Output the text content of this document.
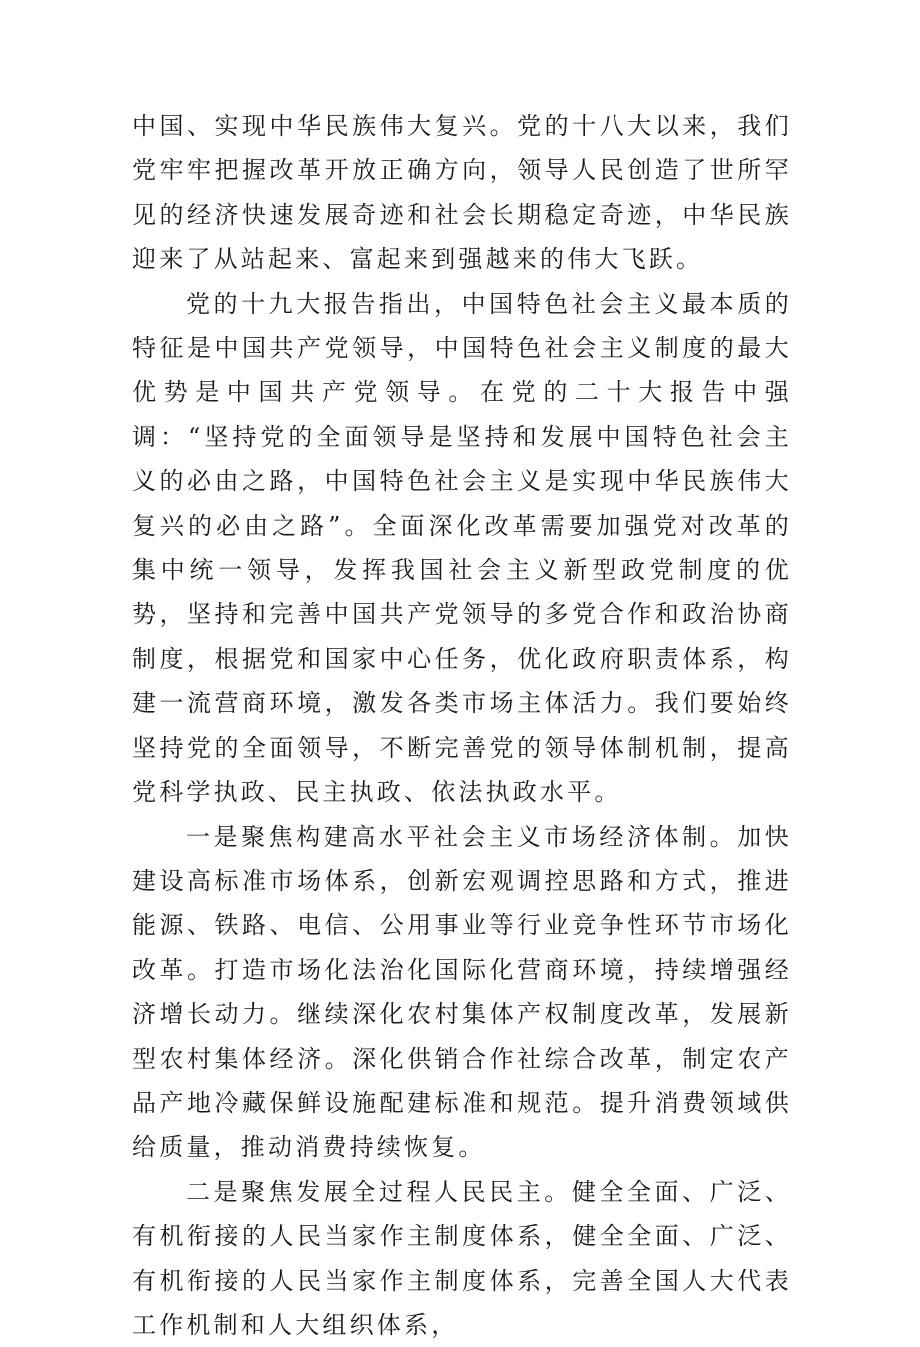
中国、实现中华民族伟大复兴。党的十八大以来，我们党牢牢把握改革开放正确方向，领导人民创造了世所罕见的经济快速发展奇迹和社会长期稳定奇迹，中华民族迎来了从站起来、富起来到强越来的伟大飞跃。

党的十九大报告指出，中国特色社会主义最本质的特征是中国共产党领导，中国特色社会主义制度的最大优势是中国共产党领导。在党的二十大报告中强调：“坚持党的全面领导是坚持和发展中国特色社会主义的必由之路，中国特色社会主义是实现中华民族伟大复兴的必由之路”。全面深化改革需要加强党对改革的集中统一领导，发挥我国社会主义新型政党制度的优势，坚持和完善中国共产党领导的多党合作和政治协商制度，根据党和国家中心任务，优化政府职责体系，构建一流营商环境，激发各类市场主体活力。我们要始终坚持党的全面领导，不断完善党的领导体制机制，提高党科学执政、民主执政、依法执政水平。

一是聚焦构建高水平社会主义市场经济体制。加快建设高标准市场体系，创新宏观调控思路和方式，推进能源、铁路、电信、公用事业等行业竞争性环节市场化改革。打造市场化法治化国际化营商环境，持续增强经济增长动力。继续深化农村集体产权制度改革，发展新型农村集体经济。深化供销合作社综合改革，制定农产品产地冷藏保鲜设施配建标准和规范。提升消费领域供给质量，推动消费持续恢复。

二是聚焦发展全过程人民民主。健全全面、广泛、有机衔接的人民当家作主制度体系，健全全面、广泛、有机衔接的人民当家作主制度体系，完善全国人大代表工作机制和人大组织体系，
